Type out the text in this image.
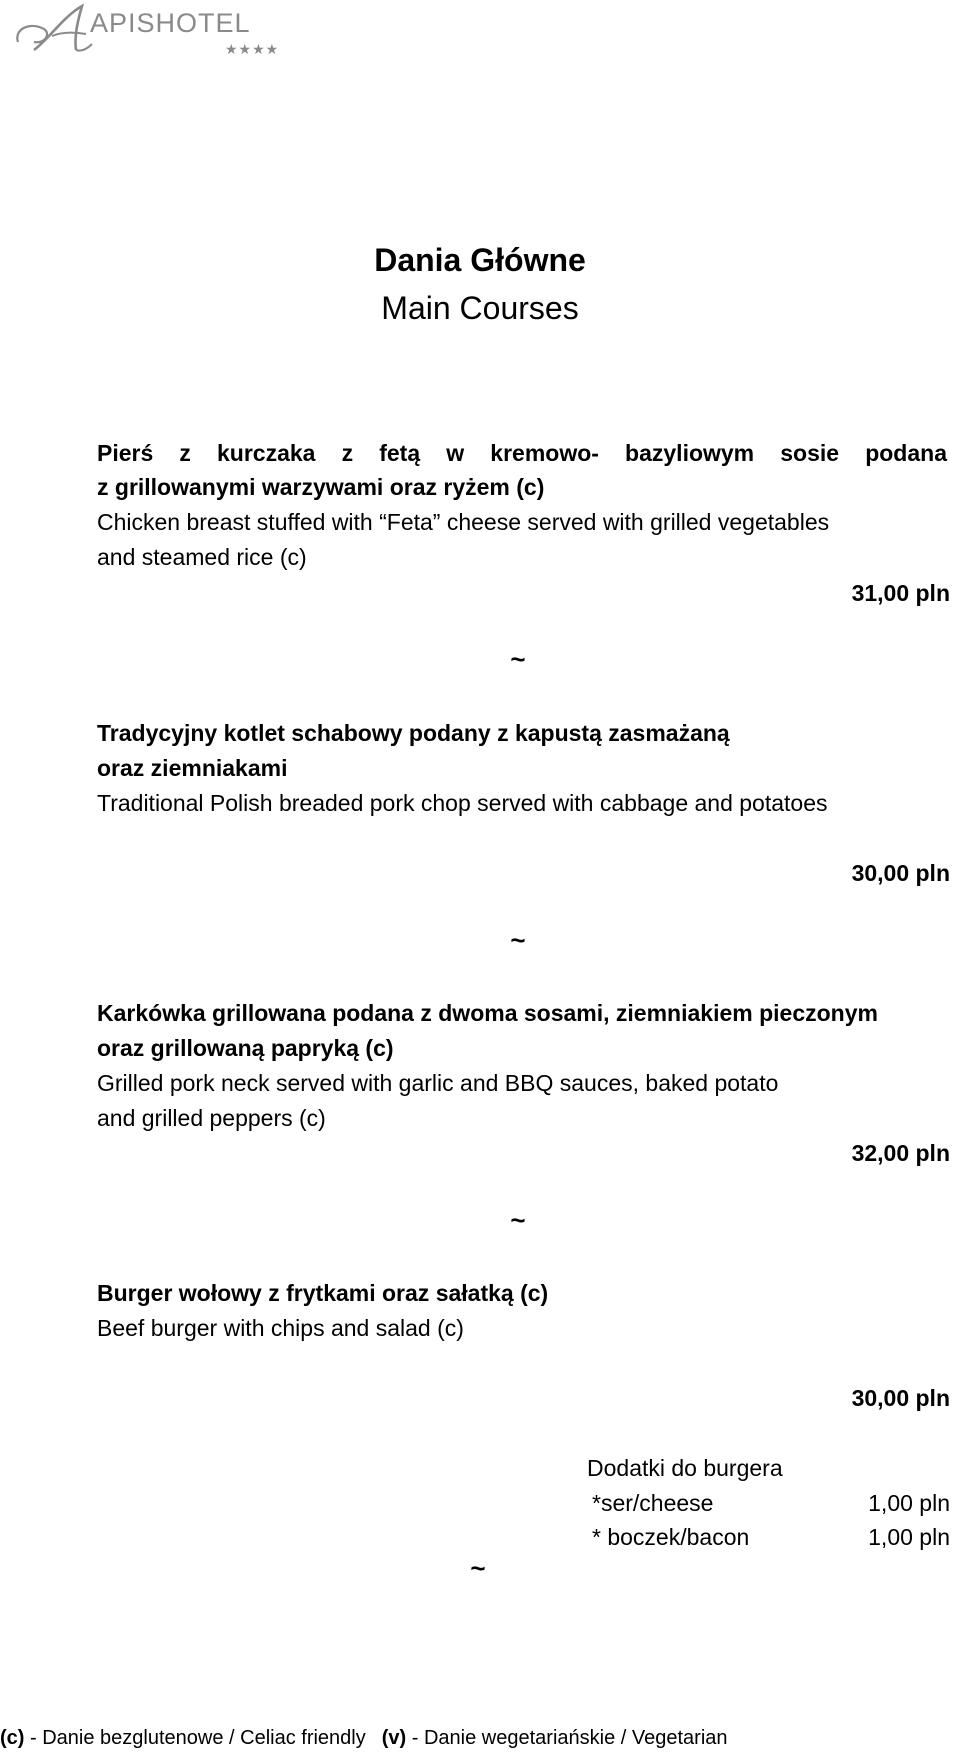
APISHOTEL
★★★★
Dania Główne
Main Courses
Pierś z kurczaka z fetą w kremowo- bazyliowym sosie podana
z grillowanymi warzywami oraz ryżem (c)
Chicken breast stuffed with “Feta” cheese served with grilled vegetables
and steamed rice (c)
31,00 pln
~
Tradycyjny kotlet schabowy podany z kapustą zasmażaną
oraz ziemniakami
Traditional Polish breaded pork chop served with cabbage and potatoes
30,00 pln
~
Karkówka grillowana podana z dwoma sosami, ziemniakiem pieczonym
oraz grillowaną papryką (c)
Grilled pork neck served with garlic and BBQ sauces, baked potato
and grilled peppers (c)
32,00 pln
~
Burger wołowy z frytkami oraz sałatką (c)
Beef burger with chips and salad (c)
30,00 pln
Dodatki do burgera
*ser/cheese	1,00 pln
* boczek/bacon	1,00 pln
~
(c) - Danie bezglutenowe / Celiac friendly (v) - Danie wegetariańskie / Vegetarian
